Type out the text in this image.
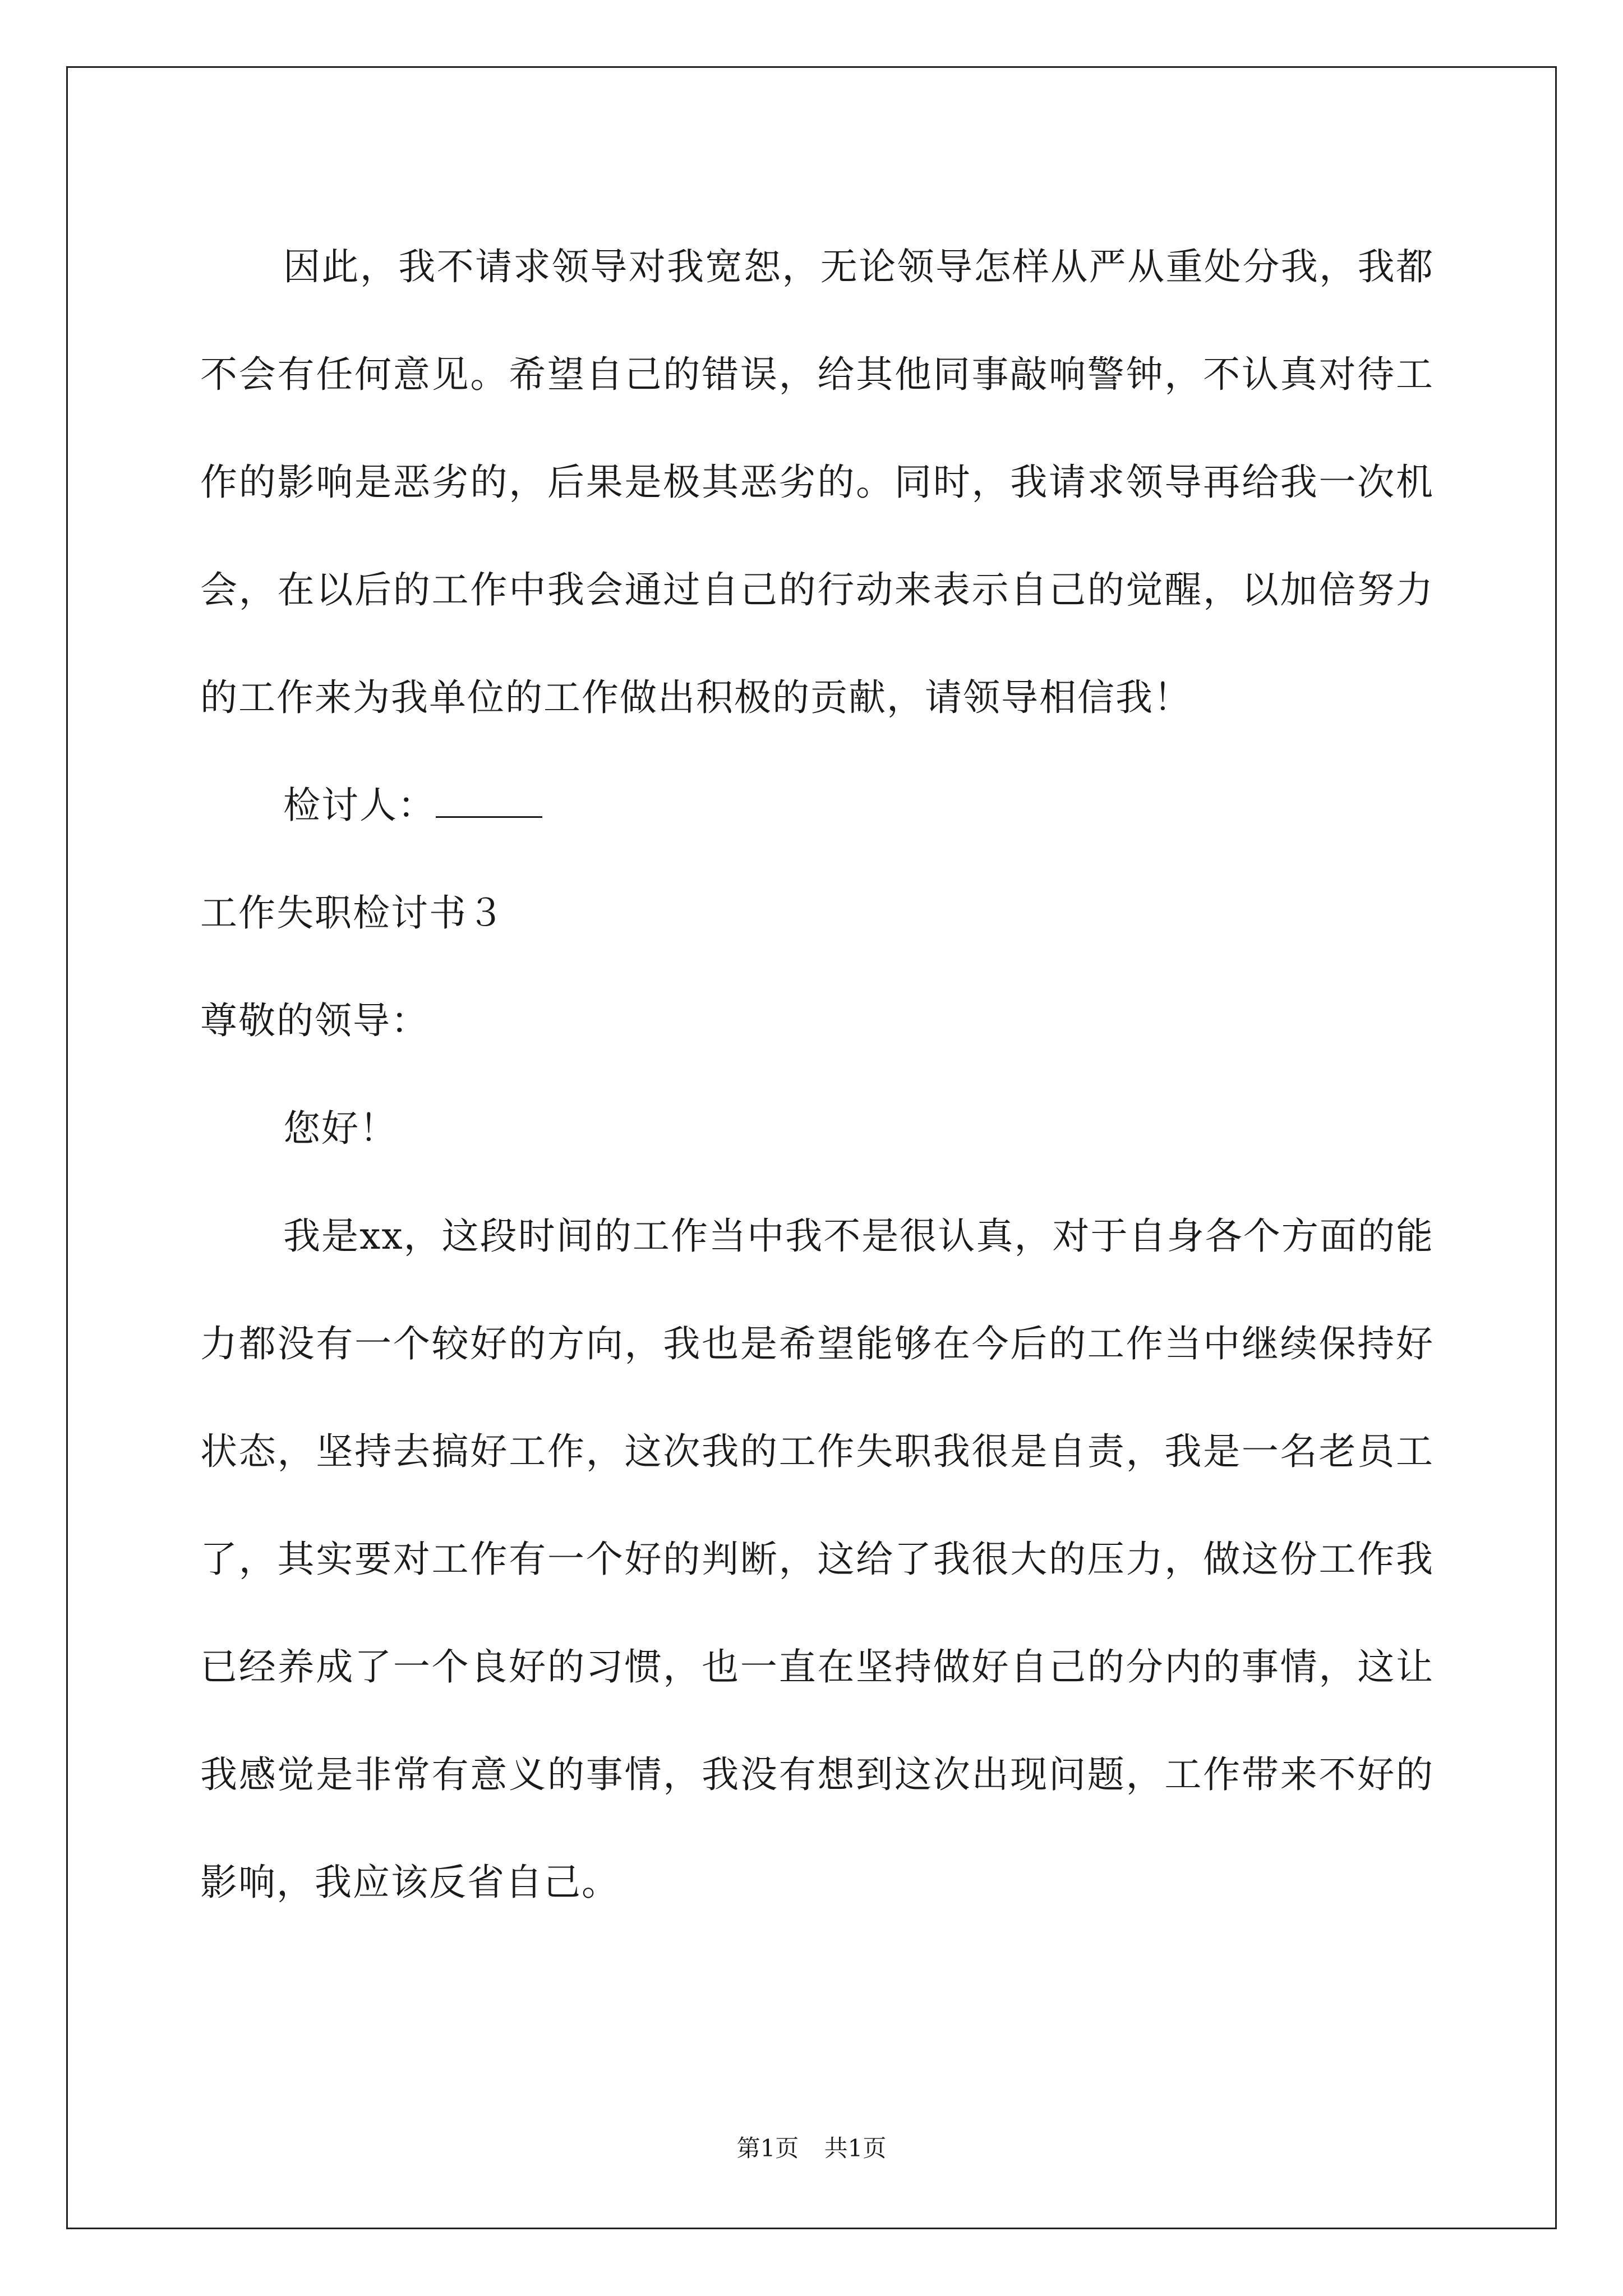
因此，我不请求领导对我宽恕，无论领导怎样从严从重处分我，我都不会有任何意见。希望自己的错误，给其他同事敲响警钟，不认真对待工作的影响是恶劣的，后果是极其恶劣的。同时，我请求领导再给我一次机会，在以后的工作中我会通过自己的行动来表示自己的觉醒，以加倍努力的工作来为我单位的工作做出积极的贡献，请领导相信我！

检讨人：

工作失职检讨书３

尊敬的领导：

您好！

我是xx，这段时间的工作当中我不是很认真，对于自身各个方面的能力都没有一个较好的方向，我也是希望能够在今后的工作当中继续保持好状态，坚持去搞好工作，这次我的工作失职我很是自责，我是一名老员工了，其实要对工作有一个好的判断，这给了我很大的压力，做这份工作我已经养成了一个良好的习惯，也一直在坚持做好自己的分内的事情，这让我感觉是非常有意义的事情，我没有想到这次出现问题，工作带来不好的影响，我应该反省自己。

第1页 共1页
